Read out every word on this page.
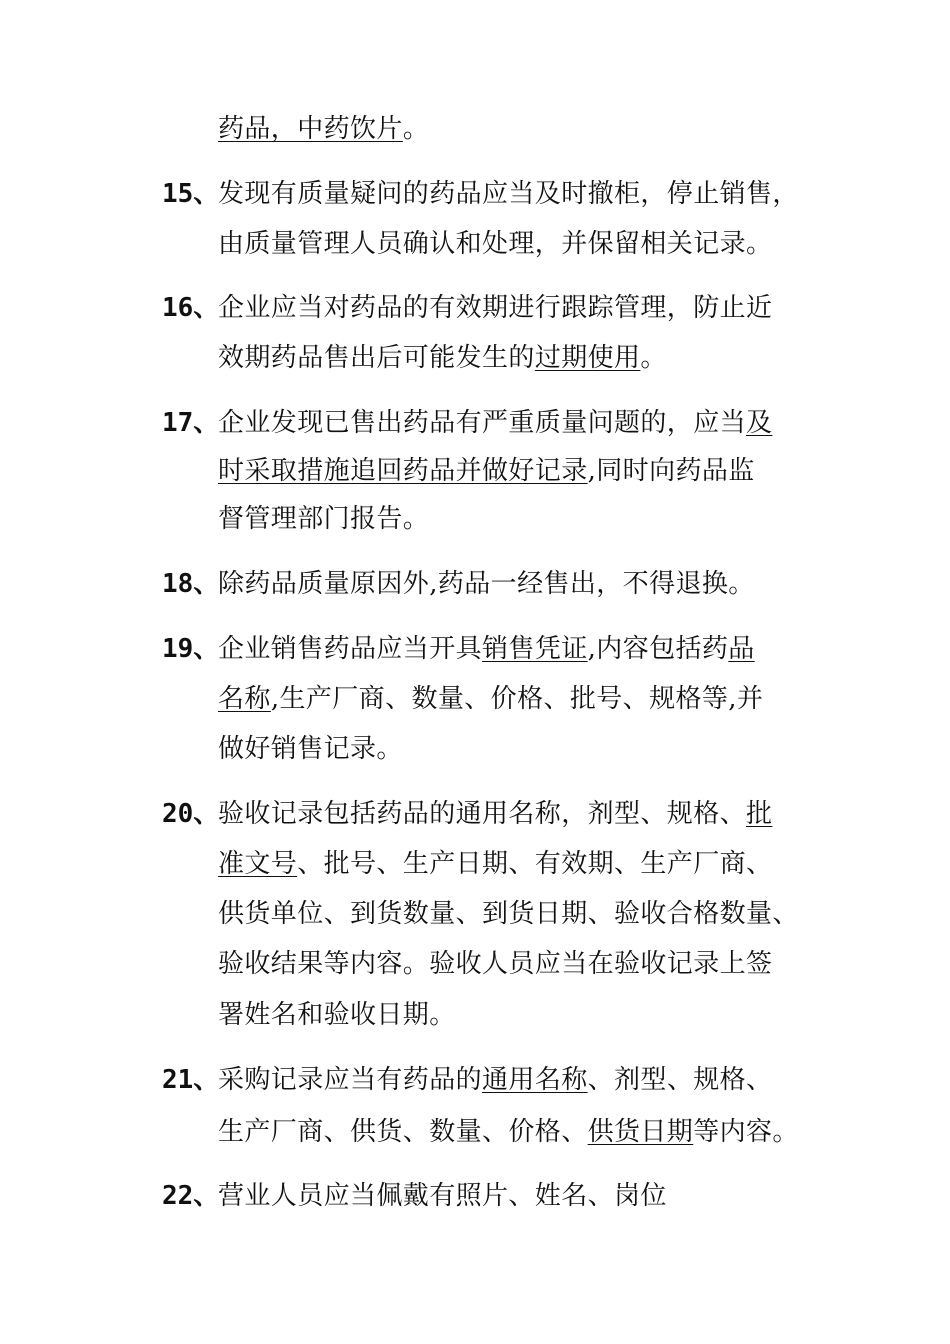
药品，中药饮片。
15、
发现有质量疑问的药品应当及时撤柜，停止销售，
由质量管理人员确认和处理，并保留相关记录。
16、
企业应当对药品的有效期进行跟踪管理，防止近
效期药品售出后可能发生的过期使用。
17、
企业发现已售出药品有严重质量问题的，应当及
时采取措施追回药品并做好记录,同时向药品监
督管理部门报告。
18、
除药品质量原因外,药品一经售出，不得退换。
19、
企业销售药品应当开具销售凭证,内容包括药品
名称,生产厂商、数量、价格、批号、规格等,并
做好销售记录。
20、
验收记录包括药品的通用名称，剂型、规格、批
准文号、批号、生产日期、有效期、生产厂商、
供货单位、到货数量、到货日期、验收合格数量、
验收结果等内容。验收人员应当在验收记录上签
署姓名和验收日期。
21、
采购记录应当有药品的通用名称、剂型、规格、
生产厂商、供货、数量、价格、供货日期等内容。
22、
营业人员应当佩戴有照片、姓名、岗位
